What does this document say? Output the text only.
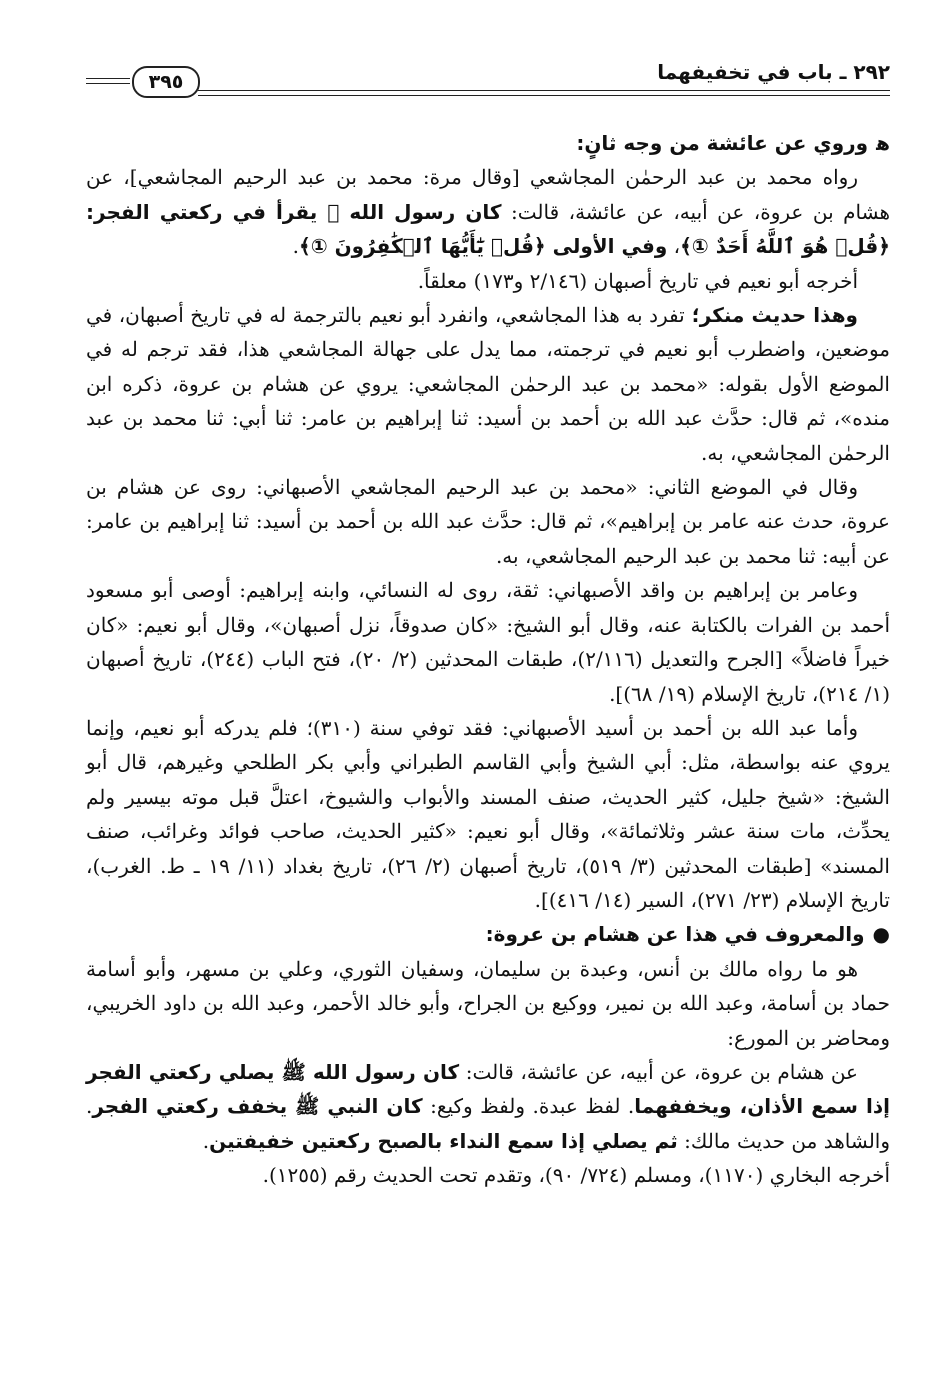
٢٩٢ ـ باب في تخفيفهما
٣٩٥

ﻫوروي عن عائشة من وجه ثانٍ:

رواه محمد بن عبد الرحمٰن المجاشعي [وقال مرة: محمد بن عبد الرحيم المجاشعي]، عن هشام بن عروة، عن أبيه، عن عائشة، قالت: كان رسول الله ﷺ يقرأ في ركعتي الفجر: ﴿قُلۡ هُوَ ٱللَّهُ أَحَدٌ ①﴾، وفي الأولى ﴿قُلۡ يَٰٓأَيُّهَا ٱلۡكَٰفِرُونَ ①﴾.

أخرجه أبو نعيم في تاريخ أصبهان (٢/١٤٦ و١٧٣) معلقاً.

وهذا حديث منكر؛ تفرد به هذا المجاشعي، وانفرد أبو نعيم بالترجمة له في تاريخ أصبهان، في موضعين، واضطرب أبو نعيم في ترجمته، مما يدل على جهالة المجاشعي هذا، فقد ترجم له في الموضع الأول بقوله: «محمد بن عبد الرحمٰن المجاشعي: يروي عن هشام بن عروة، ذكره ابن منده»، ثم قال: حدَّث عبد الله بن أحمد بن أسيد: ثنا إبراهيم بن عامر: ثنا أبي: ثنا محمد بن عبد الرحمٰن المجاشعي، به.

وقال في الموضع الثاني: «محمد بن عبد الرحيم المجاشعي الأصبهاني: روى عن هشام بن عروة، حدث عنه عامر بن إبراهيم»، ثم قال: حدَّث عبد الله بن أحمد بن أسيد: ثنا إبراهيم بن عامر: عن أبيه: ثنا محمد بن عبد الرحيم المجاشعي، به.

وعامر بن إبراهيم بن واقد الأصبهاني: ثقة، روى له النسائي، وابنه إبراهيم: أوصى أبو مسعود أحمد بن الفرات بالكتابة عنه، وقال أبو الشيخ: «كان صدوقاً، نزل أصبهان»، وقال أبو نعيم: «كان خيراً فاضلاً» [الجرح والتعديل (٢/١١٦)، طبقات المحدثين (٢/ ٢٠)، فتح الباب (٢٤٤)، تاريخ أصبهان (١/ ٢١٤)، تاريخ الإسلام (١٩/ ٦٨)].

وأما عبد الله بن أحمد بن أسيد الأصبهاني: فقد توفي سنة (٣١٠)؛ فلم يدركه أبو نعيم، وإنما يروي عنه بواسطة، مثل: أبي الشيخ وأبي القاسم الطبراني وأبي بكر الطلحي وغيرهم، قال أبو الشيخ: «شيخ جليل، كثير الحديث، صنف المسند والأبواب والشيوخ، اعتلَّ قبل موته بيسير ولم يحدِّث، مات سنة عشر وثلاثمائة»، وقال أبو نعيم: «كثير الحديث، صاحب فوائد وغرائب، صنف المسند» [طبقات المحدثين (٣/ ٥١٩)، تاريخ أصبهان (٢/ ٢٦)، تاريخ بغداد (١١/ ١٩ ـ ط. الغرب)، تاريخ الإسلام (٢٣/ ٢٧١)، السير (١٤/ ٤١٦)].

●والمعروف في هذا عن هشام بن عروة:

هو ما رواه مالك بن أنس، وعبدة بن سليمان، وسفيان الثوري، وعلي بن مسهر، وأبو أسامة حماد بن أسامة، وعبد الله بن نمير، ووكيع بن الجراح، وأبو خالد الأحمر، وعبد الله بن داود الخريبي، ومحاضر بن المورع:

عن هشام بن عروة، عن أبيه، عن عائشة، قالت: كان رسول الله ﷺ يصلي ركعتي الفجر إذا سمع الأذان، ويخففهما. لفظ عبدة. ولفظ وكيع: كان النبي ﷺ يخفف ركعتي الفجر. والشاهد من حديث مالك: ثم يصلي إذا سمع النداء بالصبح ركعتين خفيفتين.

أخرجه البخاري (١١٧٠)، ومسلم (٧٢٤/ ٩٠)، وتقدم تحت الحديث رقم (١٢٥٥).
